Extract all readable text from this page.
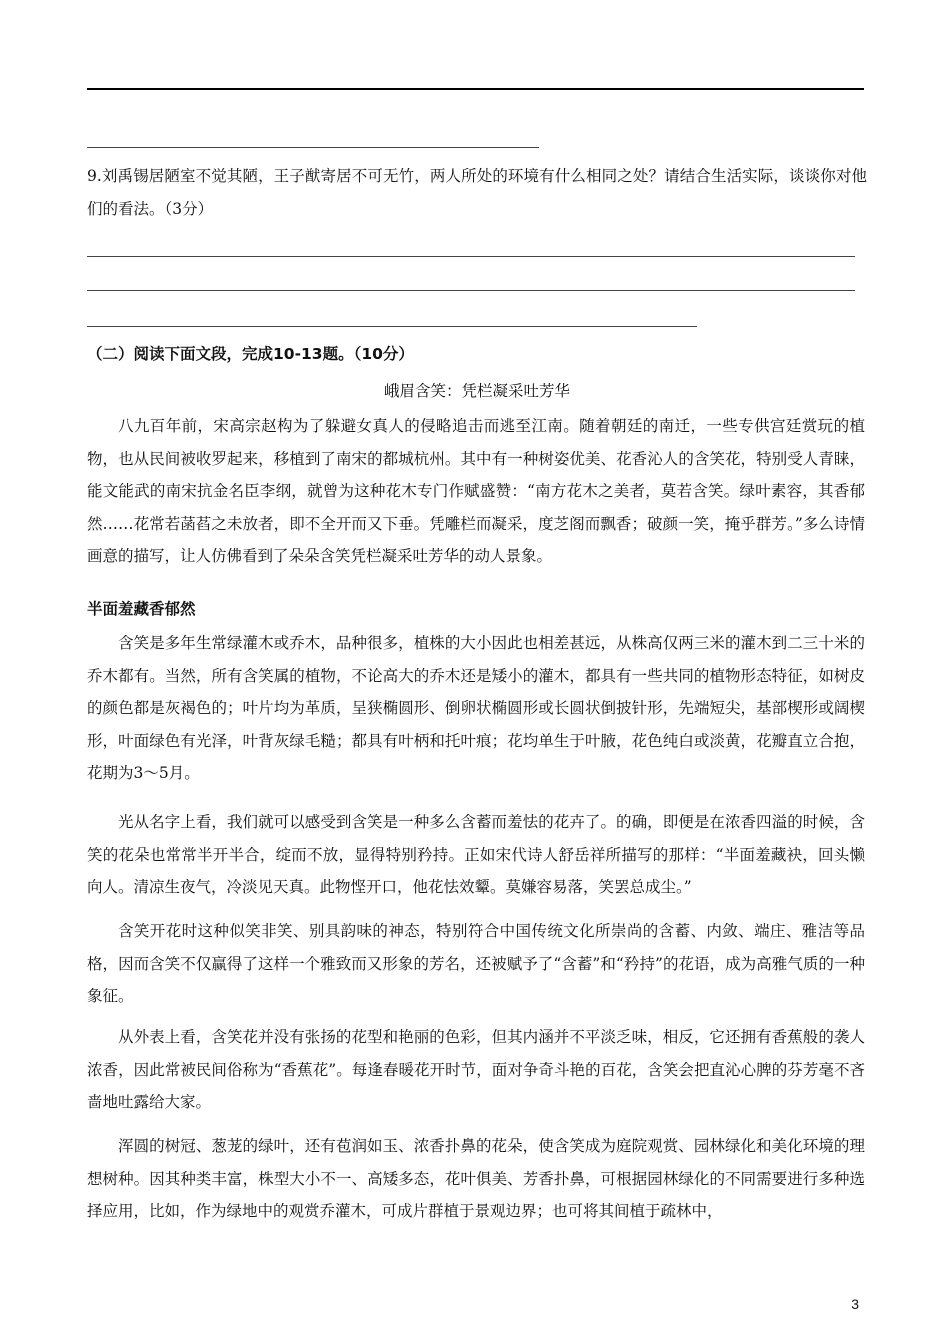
9.刘禹锡居陋室不觉其陋，王子猷寄居不可无竹，两人所处的环境有什么相同之处？请结合生活实际，谈谈你对他们的看法。（3分）
（二）阅读下面文段，完成10-13题。（10分）
峨眉含笑：凭栏凝采吐芳华
八九百年前，宋高宗赵构为了躲避女真人的侵略追击而逃至江南。随着朝廷的南迁，一些专供宫廷赏玩的植物，也从民间被收罗起来，移植到了南宋的都城杭州。其中有一种树姿优美、花香沁人的含笑花，特别受人青睐，能文能武的南宋抗金名臣李纲，就曾为这种花木专门作赋盛赞：“南方花木之美者，莫若含笑。绿叶素容，其香郁然……花常若菡萏之未放者，即不全开而又下垂。凭雕栏而凝采，度芝阁而飘香；破颜一笑，掩乎群芳。”多么诗情画意的描写，让人仿佛看到了朵朵含笑凭栏凝采吐芳华的动人景象。
半面羞藏香郁然
含笑是多年生常绿灌木或乔木，品种很多，植株的大小因此也相差甚远，从株高仅两三米的灌木到二三十米的乔木都有。当然，所有含笑属的植物，不论高大的乔木还是矮小的灌木，都具有一些共同的植物形态特征，如树皮的颜色都是灰褐色的；叶片均为革质，呈狭椭圆形、倒卵状椭圆形或长圆状倒披针形，先端短尖，基部楔形或阔楔形，叶面绿色有光泽，叶背灰绿毛糙；都具有叶柄和托叶痕；花均单生于叶腋，花色纯白或淡黄，花瓣直立合抱，花期为3～5月。
光从名字上看，我们就可以感受到含笑是一种多么含蓄而羞怯的花卉了。的确，即便是在浓香四溢的时候，含笑的花朵也常常半开半合，绽而不放，显得特别矜持。正如宋代诗人舒岳祥所描写的那样：“半面羞藏袂，回头懒向人。清凉生夜气，冷淡见天真。此物悭开口，他花怯效颦。莫嫌容易落，笑罢总成尘。”
含笑开花时这种似笑非笑、别具韵味的神态，特别符合中国传统文化所崇尚的含蓄、内敛、端庄、雅洁等品格，因而含笑不仅赢得了这样一个雅致而又形象的芳名，还被赋予了“含蓄”和“矜持”的花语，成为高雅气质的一种象征。
从外表上看，含笑花并没有张扬的花型和艳丽的色彩，但其内涵并不平淡乏味，相反，它还拥有香蕉般的袭人浓香，因此常被民间俗称为“香蕉花”。每逢春暖花开时节，面对争奇斗艳的百花，含笑会把直沁心脾的芬芳毫不吝啬地吐露给大家。
浑圆的树冠、葱茏的绿叶，还有苞润如玉、浓香扑鼻的花朵，使含笑成为庭院观赏、园林绿化和美化环境的理想树种。因其种类丰富，株型大小不一、高矮多态，花叶俱美、芳香扑鼻，可根据园林绿化的不同需要进行多种选择应用，比如，作为绿地中的观赏乔灌木，可成片群植于景观边界；也可将其间植于疏林中，
3
